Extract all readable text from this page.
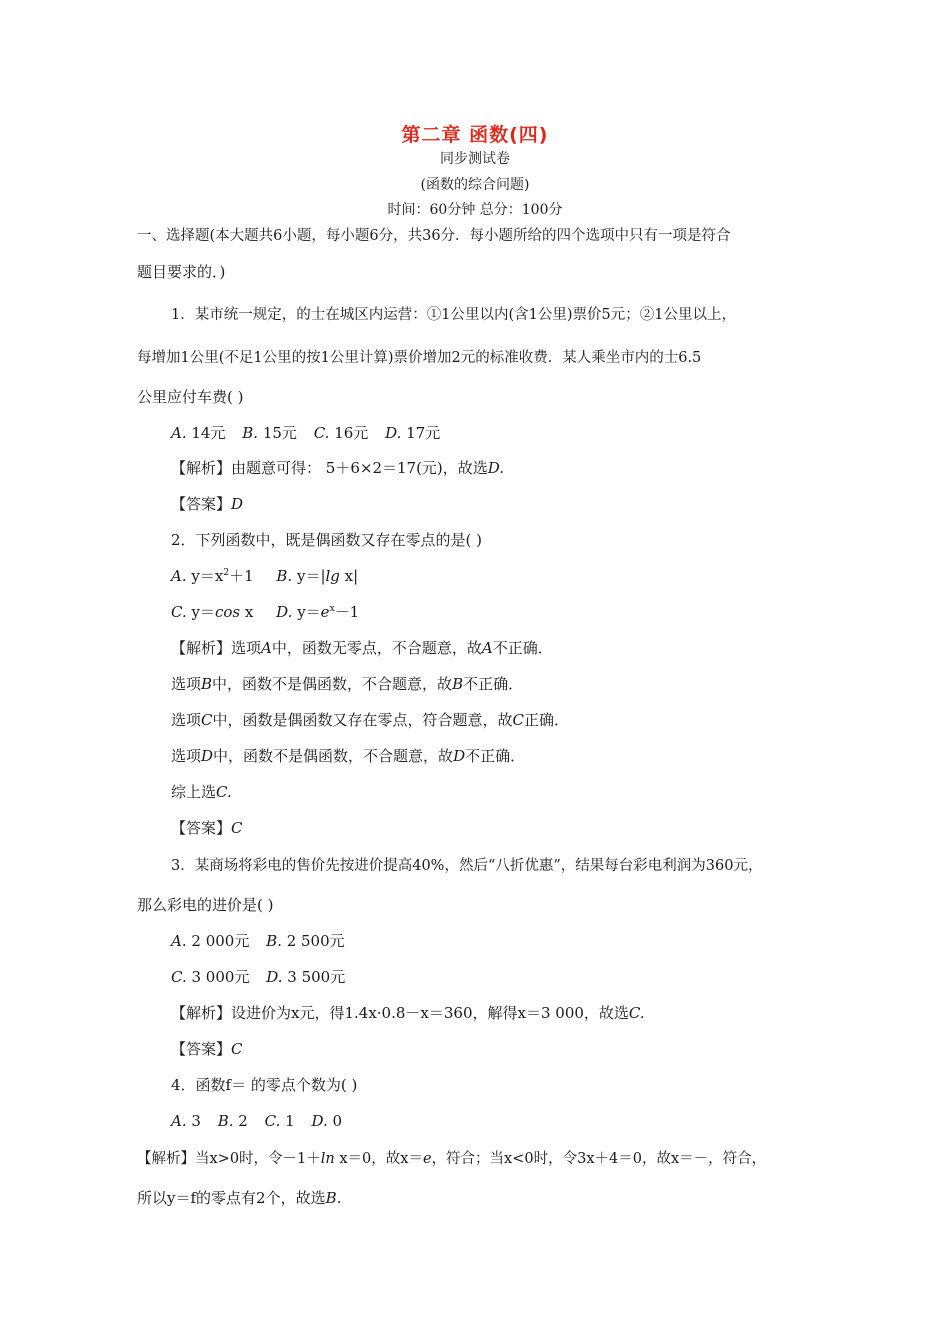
第二章 函数(四)
同步测试卷
(函数的综合问题)
时间：60分钟 总分：100分
一、选择题(本大题共6小题，每小题6分，共36分．每小题所给的四个选项中只有一项是符合
题目要求的．)
1．某市统一规定，的士在城区内运营：①1公里以内(含1公里)票价5元；②1公里以上，
每增加1公里(不足1公里的按1公里计算)票价增加2元的标准收费．某人乘坐市内的士6.5
公里应付车费( )
A. 14元 B. 15元 C. 16元 D. 17元
【解析】由题意可得： 5＋6×2＝17(元)，故选D.
【答案】D
2．下列函数中，既是偶函数又存在零点的是( )
A. $y=x^2+1$ B. y＝|lg x|
C. y＝cos x D. $y=e^x-1$
【解析】选项A中，函数无零点，不合题意，故A不正确．
选项B中，函数不是偶函数，不合题意，故B不正确．
选项C中，函数是偶函数又存在零点，符合题意，故C正确．
选项D中，函数不是偶函数，不合题意，故D不正确．
综上选C.
【答案】C
3．某商场将彩电的售价先按进价提高40%，然后“八折优惠”，结果每台彩电利润为360元，
那么彩电的进价是( )
A. 2 000元 B. 2 500元
C. 3 000元 D. 3 500元
【解析】设进价为x元，得1.4x·0.8－x＝360，解得x＝3 000，故选C.
【答案】C
4．函数f＝ 的零点个数为( )
A. 3 B. 2 C. 1 D. 0
【解析】当x>0时，令－1＋ln x＝0，故x＝e，符合；当x<0时，令3x＋4＝0，故x＝－，符合，
所以y＝f的零点有2个，故选B.
